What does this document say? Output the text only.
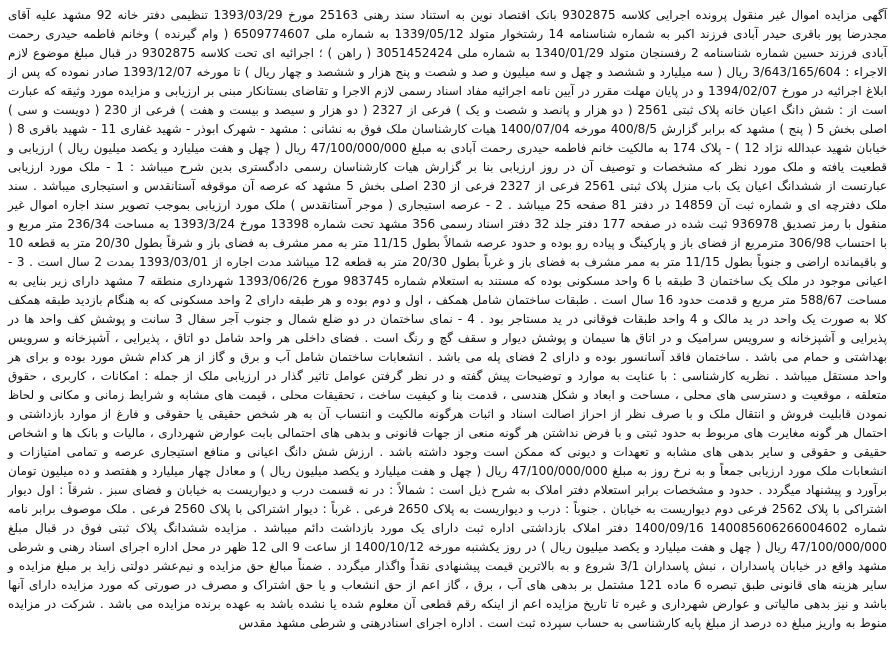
آگهی مزایده اموال غیر منقول پرونده اجرایی کلاسه 9302875 بانک اقتصاد نوین به استناد سند رهنی 25163 مورخ 1393/03/29 تنظیمی دفتر خانه 92 مشهد علیه آقای مجدرضا پور باقری حیدر آبادی فرزند اکبر به شماره شناسنامه 14 رشتخوار متولد 1339/05/12 به شماره ملی 6509774607 ( وام گیرنده ) وخانم فاطمه حیدری رحمت آبادی فرزند حسین شماره شناسنامه 2 رفسنجان متولد 1340/01/29 به شماره ملی 3051452424 ( راهن ) ؛ اجرائیه ای تحت کلاسه 9302875 در قبال مبلغ موضوع لازم الاجراء : 3/643/165/604 ریال ( سه میلیارد و ششصد و چهل و سه میلیون و صد و شصت و پنج هزار و ششصد و چهار ریال ) تا مورخه 1393/12/07 صادر نموده که پس از ابلاغ اجرائیه در مورخ 1394/02/07 و در پایان مهلت مقرر در آیین نامه اجرائیه مفاد اسناد رسمی لازم الاجرا و تقاضای بستانکار مبنی بر ارزیابی و مزایده مورد وثیقه که عبارت است از : شش دانگ اعیان خانه پلاک ثبتی 2561 ( دو هزار و پانصد و شصت و یک ) فرعی از 2327 ( دو هزار و سیصد و بیست و هفت ) فرعی از 230 ( دویست و سی ) اصلی بخش 5 ( پنج ) مشهد که برابر گزارش 400/8/5 مورخه 1400/07/04 هیات کارشناسان ملک فوق به نشانی : مشهد - شهرک ابوذر - شهید غفاری 11 - شهید باقری 8 ( خیابان شهید عبدالله نژاد 12 ) - پلاک 174 به مالکیت خانم فاطمه حیدری رحمت آبادی به مبلغ 47/100/000/000 ریال ( چهل و هفت میلیارد و یکصد میلیون ریال ) ارزیابی و قطعیت یافته و ملک مورد نظر که مشخصات و توصیف آن در روز ارزیابی بنا بر گزارش هیات کارشناسان رسمی دادگستری بدین شرح میباشد : 1 - ملک مورد ارزیابی عبارتست از ششدانگ اعیان یک باب منزل پلاک ثبتی 2561 فرعی از 2327 فرعی از 230 اصلی بخش 5 مشهد که عرصه آن موقوفه آستانقدس و استیجاری میباشد . سند ملک دفترچه ای و شماره ثبت آن 14859 در دفتر 81 صفحه 25 میباشد . 2 - عرصه استیجاری ( موجر آستانقدس ) ملک مورد ارزیابی بموجب تصویر سند اجاره اموال غیر منقول با رمز تصدیق 936978 ثبت شده در صفحه 177 دفتر جلد 32 دفتر اسناد رسمی 356 مشهد تحت شماره 13398 مورخ 1393/3/24 به مساحت 236/34 متر مربع و با احتساب 306/98 مترمربع از فضای باز و پارکینگ و پیاده رو بوده و حدود عرصه شمالاً بطول 11/15 متر به ممر مشرف به فضای باز و شرقاً بطول 20/30 متر به قطعه 10 و باقیمانده اراضی و جنوباً بطول 11/15 متر به ممر مشرف به فضای باز و غرباً بطول 20/30 متر به قطعه 12 میباشد مدت اجاره از 1393/03/01 بمدت 2 سال است . 3 - اعیانی موجود در ملک یک ساختمان 3 طبقه با 6 واحد مسکونی بوده که مستند به استعلام شماره 983745 مورخ 1393/06/26 شهرداری منطقه 7 مشهد دارای زیر بنایی به مساحت 588/67 متر مربع و قدمت حدود 16 سال است . طبقات ساختمان شامل همکف ، اول و دوم بوده و هر طبقه دارای 2 واحد مسکونی که به هنگام بازدید طبقه همکف کلا به صورت یک واحد در ید مالک و 4 واحد طبقات فوقانی در ید مستاجر بود . 4 - نمای ساختمان در دو ضلع شمال و جنوب آجر سفال 3 سانت و پوشش کف واحد ها در پذیرایی و آشپزخانه و سرویس سرامیک و در اتاق ها سیمان و پوشش دیوار و سقف گچ و رنگ است . فضای داخلی هر واحد شامل دو اتاق ، پذیرایی ، آشپزخانه و سرویس بهداشتی و حمام می باشد . ساختمان فاقد آسانسور بوده و دارای 2 فضای پله می باشد . انشعابات ساختمان شامل آب و برق و گاز از هر کدام شش مورد بوده و برای هر واحد مستقل میباشد . نظریه کارشناسی : با عنایت به موارد و توضیحات پیش گفته و در نظر گرفتن عوامل تاثیر گذار در ارزیابی ملک از جمله : امکانات ، کاربری ، حقوق متعلقه ، موقعیت و دسترسی های محلی ، مساحت و ابعاد و شکل هندسی ، قدمت بنا و کیفیت ساخت ، تحقیقات محلی ، قیمت های مشابه و شرایط زمانی و مکانی و لحاظ نمودن قابلیت فروش و انتقال ملک و با صرف نظر از احراز اصالت اسناد و اثبات هرگونه مالکیت و انتساب آن به هر شخص حقیقی یا حقوقی و فارغ از موارد بازداشتی و احتمال هر گونه مغایرت های مربوط به حدود ثبتی و با فرض نداشتن هر گونه منعی از جهات قانونی و بدهی های احتمالی بابت عوارض شهرداری ، مالیات و بانک ها و اشخاص حقیقی و حقوقی و سایر بدهی های مشابه و تعهدات و دیونی که ممکن است وجود داشته باشد . ارزش شش دانگ اعیانی و منافع استیجاری عرصه و تمامی امتیازات و انشعابات ملک مورد ارزیابی جمعاً و به نرخ روز به مبلغ 47/100/000/000 ریال ( چهل و هفت میلیارد و یکصد میلیون ریال ) و معادل چهار میلیارد و هفتصد و ده میلیون تومان برآورد و پیشنهاد میگردد . حدود و مشخصات برابر استعلام دفتر املاک به شرح ذیل است : شمالاً : در نه قسمت درب و دیواریست به خیابان و فضای سبز . شرقاً : اول دیوار اشتراکی با پلاک 2562 فرعی دوم دیواریست به خیابان . جنوباً : درب و دیواریست به پلاک 2650 فرعی . غرباً : دیوار اشتراکی با پلاک 2560 فرعی . ملک موصوف برابر نامه شماره 140085606266004602 1400/09/16 دفتر املاک بازداشتی اداره ثبت دارای یک مورد بازداشت دائم میباشد . مزایده ششدانگ پلاک ثبتی فوق در قبال مبلغ 47/100/000/000 ریال ( چهل و هفت میلیارد و یکصد میلیون ریال ) در روز یکشنبه مورخه 1400/10/12 از ساعت 9 الی 12 ظهر در محل اداره اجرای اسناد رهنی و شرطی مشهد واقع در خیابان پاسداران ، نبش پاسداران 3/1 شروع و به بالاترین قیمت پیشنهادی نقداً واگذار میگردد . ضمناً مبالغ حق مزایده و نیم‌عشر دولتی زاید بر مبلغ مزایده و سایر هزینه های قانونی طبق تبصره 6 ماده 121 مشتمل بر بدهی های آب ، برق ، گاز اعم از حق انشعاب و یا حق اشتراک و مصرف در صورتی که مورد مزایده دارای آنها باشد و نیز بدهی مالیاتی و عوارض شهرداری و غیره تا تاریخ مزایده اعم از اینکه رقم قطعی آن معلوم شده یا نشده باشد به عهده برنده مزایده می باشد . شرکت در مزایده منوط به واریز مبلغ ده درصد از مبلغ پایه کارشناسی به حساب سپرده ثبت است . اداره اجرای اسنادرهنی و شرطی مشهد مقدس
